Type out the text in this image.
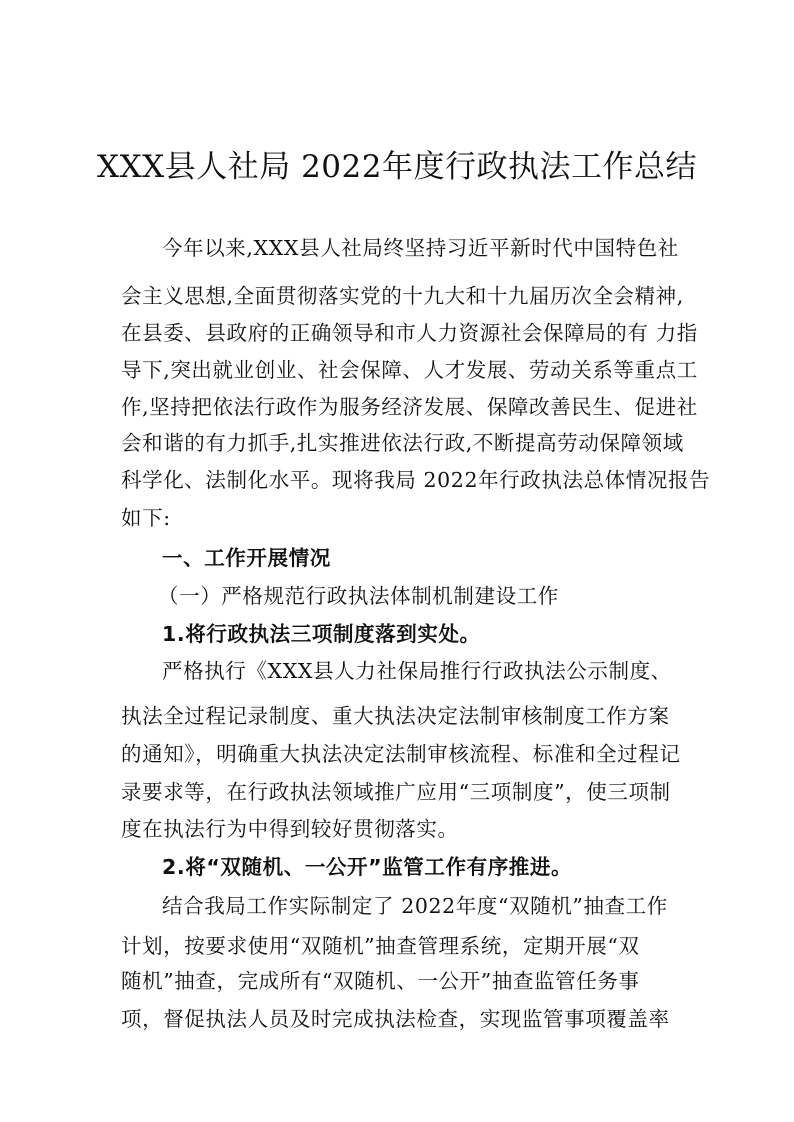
XXX县人社局 2022年度行政执法工作总结
今年以来,XXX县人社局终坚持习近平新时代中国特色社
会主义思想,全面贯彻落实党的十九大和十九届历次全会精神,
在县委、县政府的正确领导和市人力资源社会保障局的有 力指
导下,突出就业创业、社会保障、人才发展、劳动关系等重点工
作,坚持把依法行政作为服务经济发展、保障改善民生、促进社
会和谐的有力抓手,扎实推进依法行政,不断提高劳动保障领域
科学化、法制化水平。现将我局 2022年行政执法总体情况报告
如下:
一、工作开展情况
（一）严格规范行政执法体制机制建设工作
1.将行政执法三项制度落到实处。
严格执行《XXX县人力社保局推行行政执法公示制度、
执法全过程记录制度、重大执法决定法制审核制度工作方案
的通知》，明确重大执法决定法制审核流程、标准和全过程记
录要求等，在行政执法领域推广应用“三项制度”，使三项制
度在执法行为中得到较好贯彻落实。
2.将“双随机、一公开”监管工作有序推进。
结合我局工作实际制定了 2022年度“双随机”抽查工作
计划，按要求使用“双随机”抽查管理系统，定期开展“双
随机”抽查，完成所有“双随机、一公开”抽查监管任务事
项，督促执法人员及时完成执法检查，实现监管事项覆盖率
